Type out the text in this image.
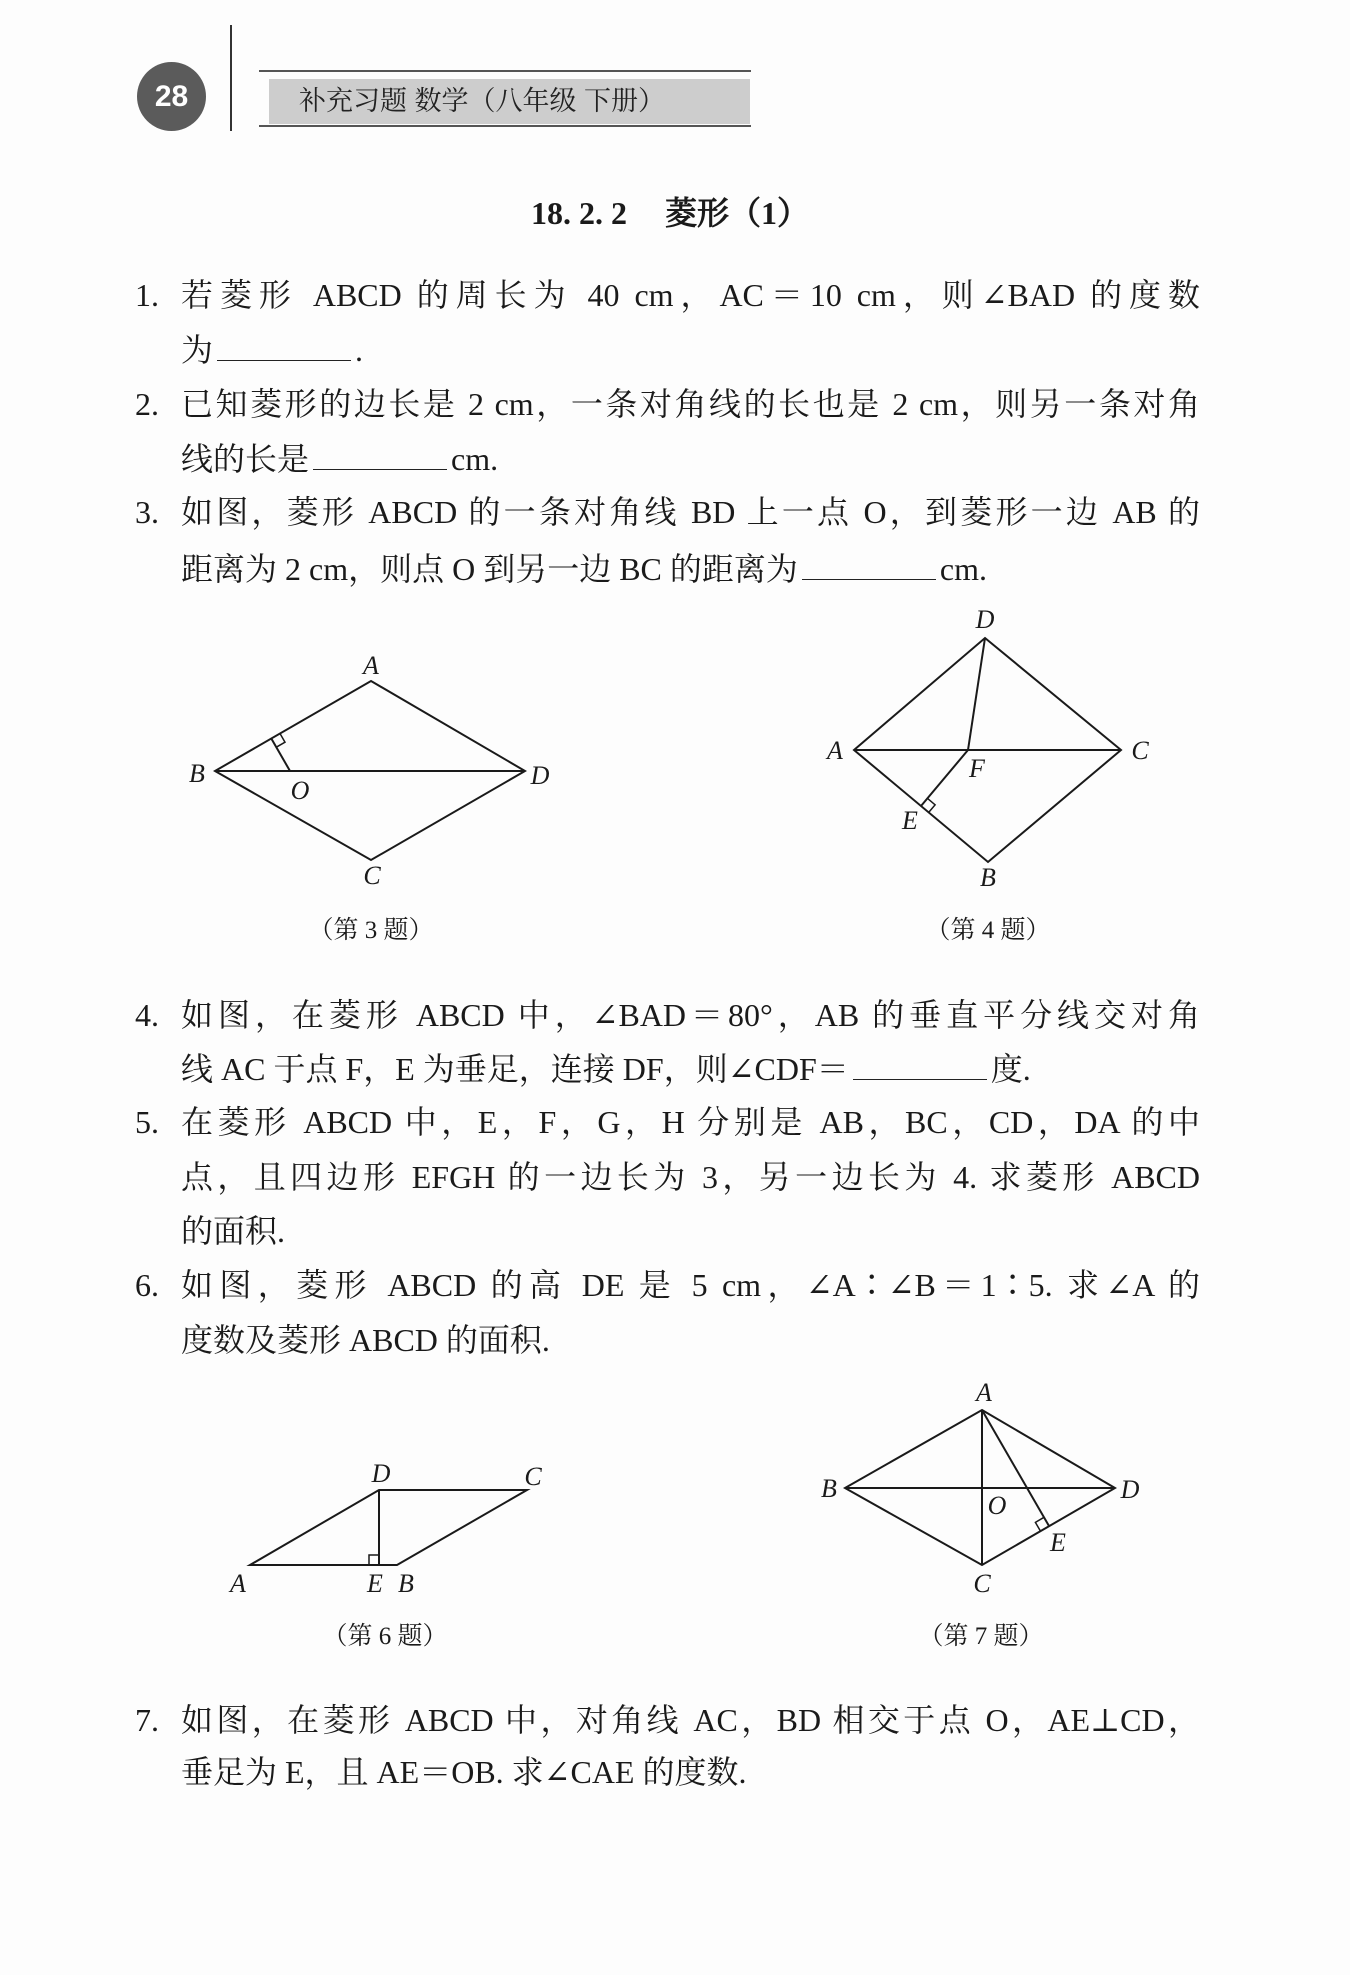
28	补充习题 数学（八年级 下册）
18. 2. 2 菱形（1）
1. 若菱形 ABCD 的周长为 40 cm，AC＝10 cm，则∠BAD 的度数
为	.
2. 已知菱形的边长是 2 cm，一条对角线的长也是 2 cm，则另一条对角
线的长是	cm.
3. 如图，菱形 ABCD 的一条对角线 BD 上一点 O，到菱形一边 AB 的
距离为 2 cm，则点 O 到另一边 BC 的距离为	cm.
A
B	D
C
O
（第 3 题）
D
A	C
B
F
E
（第 4 题）
4. 如图，在菱形 ABCD 中，∠BAD＝80°，AB 的垂直平分线交对角
线 AC 于点 F，E 为垂足，连接 DF，则∠CDF＝	度.
5. 在菱形 ABCD 中，E，F，G，H 分别是 AB，BC，CD，DA 的中
点，且四边形 EFGH 的一边长为 3，另一边长为 4. 求菱形 ABCD
的面积.
6. 如图，菱形 ABCD 的高 DE 是 5 cm，∠A∶∠B＝1∶5. 求∠A 的
度数及菱形 ABCD 的面积.
D	C
A	E B
（第 6 题）
A
B	D
O
C
E
（第 7 题）
7. 如图，在菱形 ABCD 中，对角线 AC，BD 相交于点 O，AE⊥CD，
垂足为 E，且 AE＝OB. 求∠CAE 的度数.
